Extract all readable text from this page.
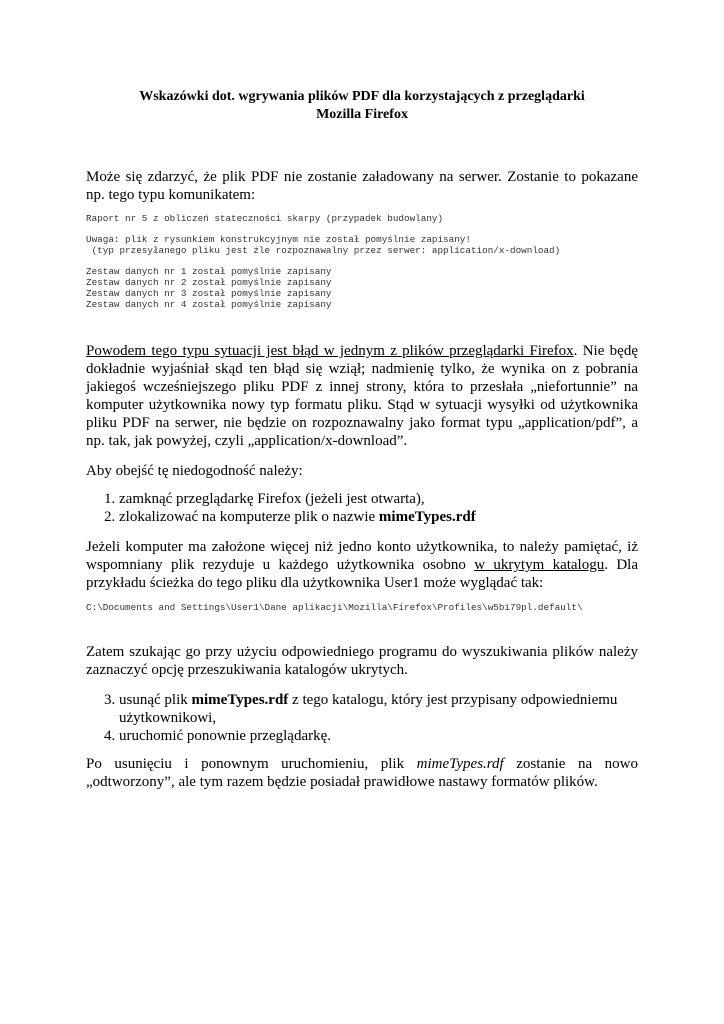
Wskazówki dot. wgrywania plików PDF dla korzystających z przeglądarki
Mozilla Firefox

Może się zdarzyć, że plik PDF nie zostanie załadowany na serwer. Zostanie to pokazane np. tego typu komunikatem:

Raport nr 5 z obliczeń stateczności skarpy (przypadek budowlany)
Uwaga: plik z rysunkiem konstrukcyjnym nie został pomyślnie zapisany!
(typ przesyłanego pliku jest źle rozpoznawalny przez serwer: application/x-download)
Zestaw danych nr 1 został pomyślnie zapisany
Zestaw danych nr 2 został pomyślnie zapisany
Zestaw danych nr 3 został pomyślnie zapisany
Zestaw danych nr 4 został pomyślnie zapisany

Powodem tego typu sytuacji jest błąd w jednym z plików przeglądarki Firefox. Nie będę dokładnie wyjaśniał skąd ten błąd się wziął; nadmienię tylko, że wynika on z pobrania jakiegoś wcześniejszego pliku PDF z innej strony, która to przesłała „niefortunnie” na komputer użytkownika nowy typ formatu pliku. Stąd w sytuacji wysyłki od użytkownika pliku PDF na serwer, nie będzie on rozpoznawalny jako format typu „application/pdf”, a np. tak, jak powyżej, czyli „application/x-download”.

Aby obejść tę niedogodność należy:

1. zamknąć przeglądarkę Firefox (jeżeli jest otwarta),
2. zlokalizować na komputerze plik o nazwie mimeTypes.rdf

Jeżeli komputer ma założone więcej niż jedno konto użytkownika, to należy pamiętać, iż wspomniany plik rezyduje u każdego użytkownika osobno w ukrytym katalogu. Dla przykładu ścieżka do tego pliku dla użytkownika User1 może wyglądać tak:

C:\Documents and Settings\User1\Dane aplikacji\Mozilla\Firefox\Profiles\w5bi79pl.default\

Zatem szukając go przy użyciu odpowiedniego programu do wyszukiwania plików należy zaznaczyć opcję przeszukiwania katalogów ukrytych.

3. usunąć plik mimeTypes.rdf z tego katalogu, który jest przypisany odpowiedniemu użytkownikowi,
4. uruchomić ponownie przeglądarkę.

Po usunięciu i ponownym uruchomieniu, plik mimeTypes.rdf zostanie na nowo „odtworzony”, ale tym razem będzie posiadał prawidłowe nastawy formatów plików.
